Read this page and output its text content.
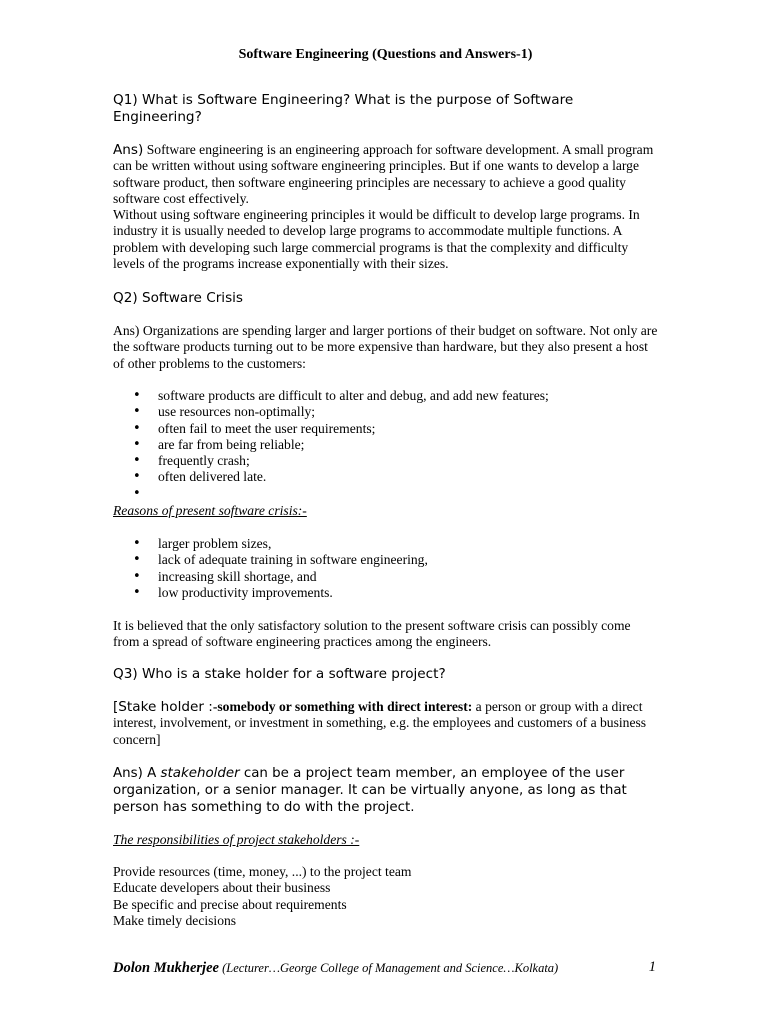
Software Engineering (Questions and Answers-1)
Q1) What is Software Engineering? What is the purpose of Software Engineering?

Ans) Software engineering is an engineering approach for software development. A small program can be written without using software engineering principles. But if one wants to develop a large software product, then software engineering principles are necessary to achieve a good quality software cost effectively.

Without using software engineering principles it would be difficult to develop large programs. In industry it is usually needed to develop large programs to accommodate multiple functions. A problem with developing such large commercial programs is that the complexity and difficulty levels of the programs increase exponentially with their sizes.

Q2) Software Crisis
Ans) Organizations are spending larger and larger portions of their budget on software. Not only are the software products turning out to be more expensive than hardware, but they also present a host of other problems to the customers:
• software products are difficult to alter and debug, and add new features;
• use resources non-optimally;
• often fail to meet the user requirements;
• are far from being reliable;
• frequently crash;
• often delivered late.
•
Reasons of present software crisis:-
• larger problem sizes,
• lack of adequate training in software engineering,
• increasing skill shortage, and
• low productivity improvements.
It is believed that the only satisfactory solution to the present software crisis can possibly come from a spread of software engineering practices among the engineers.
Q3) Who is a stake holder for a software project?
[Stake holder :-somebody or something with direct interest: a person or group with a direct interest, involvement, or investment in something, e.g. the employees and customers of a business concern]
Ans) A stakeholder can be a project team member, an employee of the user organization, or a senior manager. It can be virtually anyone, as long as that person has something to do with the project.
The responsibilities of project stakeholders :-

Provide resources (time, money, ...) to the project team

Educate developers about their business

Be specific and precise about requirements

Make timely decisions

Dolon Mukherjee (Lecturer…George College of Management and Science…Kolkata)	1
